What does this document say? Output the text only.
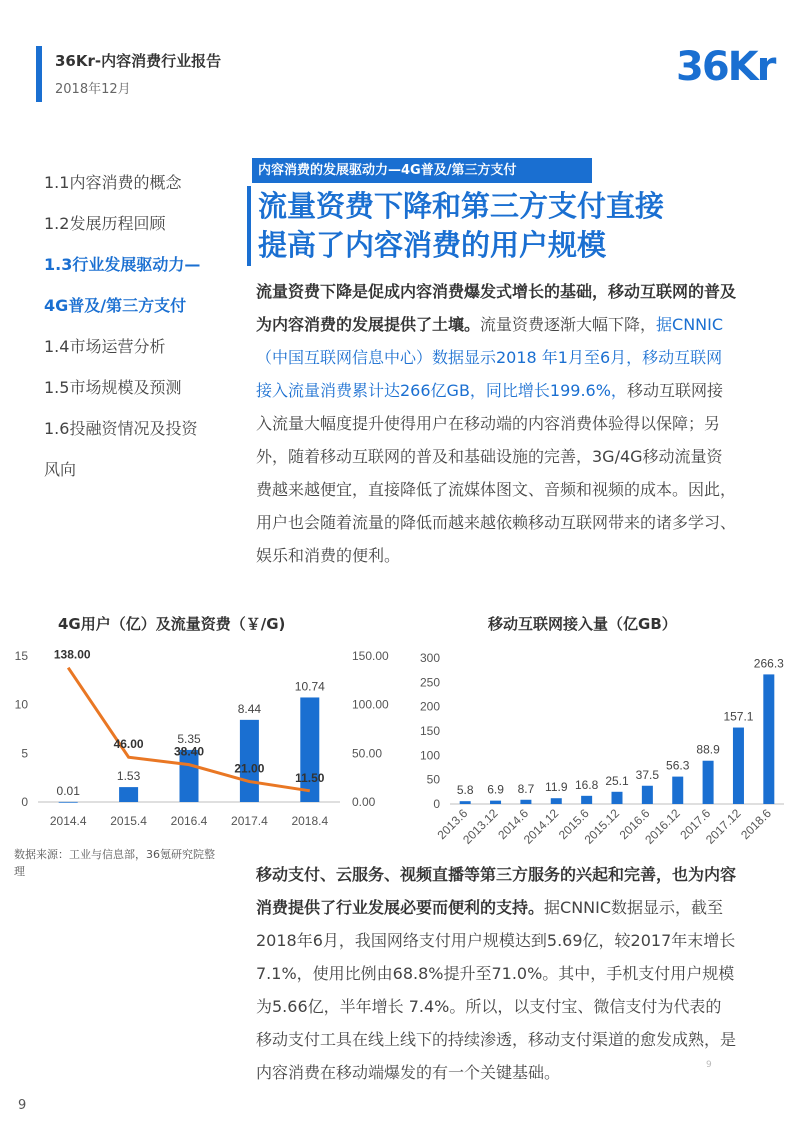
36Kr-内容消费行业报告
2018年12月	36Kr
1.1内容消费的概念
1.2发展历程回顾
1.3行业发展驱动力—
4G普及/第三方支付
1.4市场运营分析
1.5市场规模及预测
1.6投融资情况及投资
风向
内容消费的发展驱动力—4G普及/第三方支付
流量资费下降和第三方支付直接
提高了内容消费的用户规模
流量资费下降是促成内容消费爆发式增长的基础，移动互联网的普及为内容消费的发展提供了土壤。流量资费逐渐大幅下降，据CNNIC（中国互联网信息中心）数据显示2018 年1月至6月，移动互联网接入流量消费累计达266亿GB，同比增长199.6%，移动互联网接入流量大幅度提升使得用户在移动端的内容消费体验得以保障；另外，随着移动互联网的普及和基础设施的完善，3G/4G移动流量资费越来越便宜，直接降低了流媒体图文、音频和视频的成本。因此，用户也会随着流量的降低而越来越依赖移动互联网带来的诸多学习、娱乐和消费的便利。
4G用户（亿）及流量资费（￥/G)
0
5
10
15
0.00
50.00
100.00
150.00
0.01
2014.4
1.53
2015.4
5.35
2016.4
8.44
2017.4
10.74
2018.4
138.00
46.00
38.40
21.00
11.50
移动互联网接入量（亿GB）
0
50
100
150
200
250
300
5.8
2013.6
6.9
2013.12
8.7
2014.6
11.9
2014.12
16.8
2015.6
25.1
2015.12
37.5
2016.6
56.3
2016.12
88.9
2017.6
157.1
2017.12
266.3
2018.6
数据来源：工业与信息部，36氪研究院整理	移动支付、云服务、视频直播等第三方服务的兴起和完善，也为内容消费提供了行业发展必要而便利的支持。据CNNIC数据显示，截至2018年6月，我国网络支付用户规模达到5.69亿，较2017年末增长7.1%，使用比例由68.8%提升至71.0%。其中，手机支付用户规模为5.66亿，半年增长 7.4%。所以，以支付宝、微信支付为代表的移动支付工具在线上线下的持续渗透，移动支付渠道的愈发成熟，是内容消费在移动端爆发的有一个关键基础。	9
9
